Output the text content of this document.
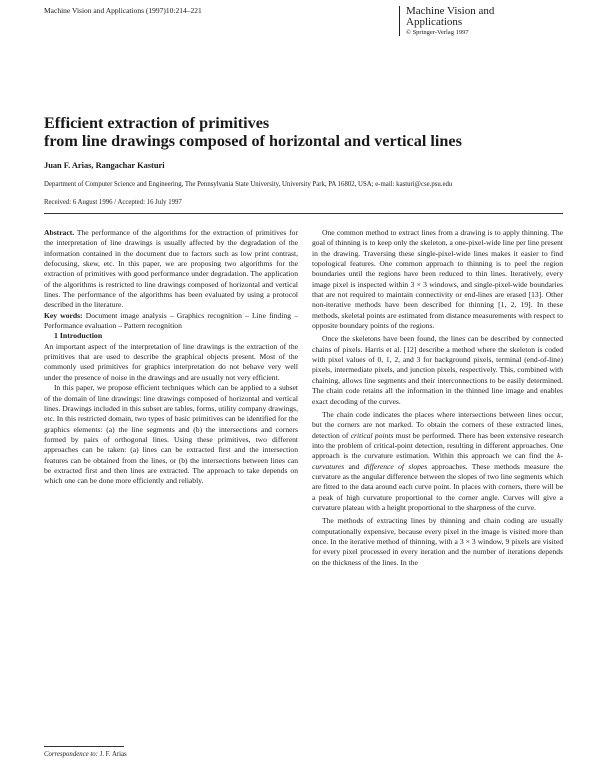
Machine Vision and Applications (1997)10:214–221	Machine Vision and
Applications
© Springer-Verlag 1997
Efficient extraction of primitives
from line drawings composed of horizontal and vertical lines
Juan F. Arias, Rangachar Kasturi
Department of Computer Science and Engineering, The Pennsylvania State University, University Park, PA 16802, USA; e-mail: kasturi@cse.psu.edu
Received: 6 August 1996 / Accepted: 16 July 1997

Abstract. The performance of the algorithms for the extraction of primitives for the interpretation of line drawings is usually affected by the degradation of the information contained in the document due to factors such as low print contrast, defocusing, skew, etc. In this paper, we are proposing two algorithms for the extraction of primitives with good performance under degradation. The application of the algorithms is restricted to line drawings composed of horizontal and vertical lines. The performance of the algorithms has been evaluated by using a protocol described in the literature.

Key words: Document image analysis – Graphics recognition – Line finding – Performance evaluation – Pattern recognition

1 Introduction

An important aspect of the interpretation of line drawings is the extraction of the primitives that are used to describe the graphical objects present. Most of the commonly used primitives for graphics interpretation do not behave very well under the presence of noise in the drawings and are usually not very efficient.

In this paper, we propose efficient techniques which can be applied to a subset of the domain of line drawings: line drawings composed of horizontal and vertical lines. Drawings included in this subset are tables, forms, utility company drawings, etc. In this restricted domain, two types of basic primitives can be identified for the graphics elements: (a) the line segments and (b) the intersections and corners formed by pairs of orthogonal lines. Using these primitives, two different approaches can be taken: (a) lines can be extracted first and the intersection features can be obtained from the lines, or (b) the intersections between lines can be extracted first and then lines are extracted. The approach to take depends on which one can be done more efficiently and reliably.

One common method to extract lines from a drawing is to apply thinning. The goal of thinning is to keep only the skeleton, a one-pixel-wide line per line present in the drawing. Traversing these single-pixel-wide lines makes it easier to find topological features. One common approach to thinning is to peel the region boundaries until the regions have been reduced to thin lines. Iteratively, every image pixel is inspected within 3 × 3 windows, and single-pixel-wide boundaries that are not required to maintain connectivity or end-lines are erased [13]. Other non-iterative methods have been described for thinning [1, 2, 19]. In these methods, skeletal points are estimated from distance measurements with respect to opposite boundary points of the regions.

Once the skeletons have been found, the lines can be described by connected chains of pixels. Harris et al. [12] describe a method where the skeleton is coded with pixel values of 0, 1, 2, and 3 for background pixels, terminal (end-of-line) pixels, intermediate pixels, and junction pixels, respectively. This, combined with chaining, allows line segments and their interconnections to be easily determined. The chain code retains all the information in the thinned line image and enables exact decoding of the curves.

The chain code indicates the places where intersections between lines occur, but the corners are not marked. To obtain the corners of these extracted lines, detection of critical points must be performed. There has been extensive research into the problem of critical-point detection, resulting in different approaches. One approach is the curvature estimation. Within this approach we can find the k-curvatures and difference of slopes approaches. These methods measure the curvature as the angular difference between the slopes of two line segments which are fitted to the data around each curve point. In places with corners, there will be a peak of high curvature proportional to the corner angle. Curves will give a curvature plateau with a height proportional to the sharpness of the curve.

The methods of extracting lines by thinning and chain coding are usually computationally expensive, because every pixel in the image is visited more than once. In the iterative method of thinning, with a 3 × 3 window, 9 pixels are visited for every pixel processed in every iteration and the number of iterations depends on the thickness of the lines. In the

Correspondence to: J. F. Arias
